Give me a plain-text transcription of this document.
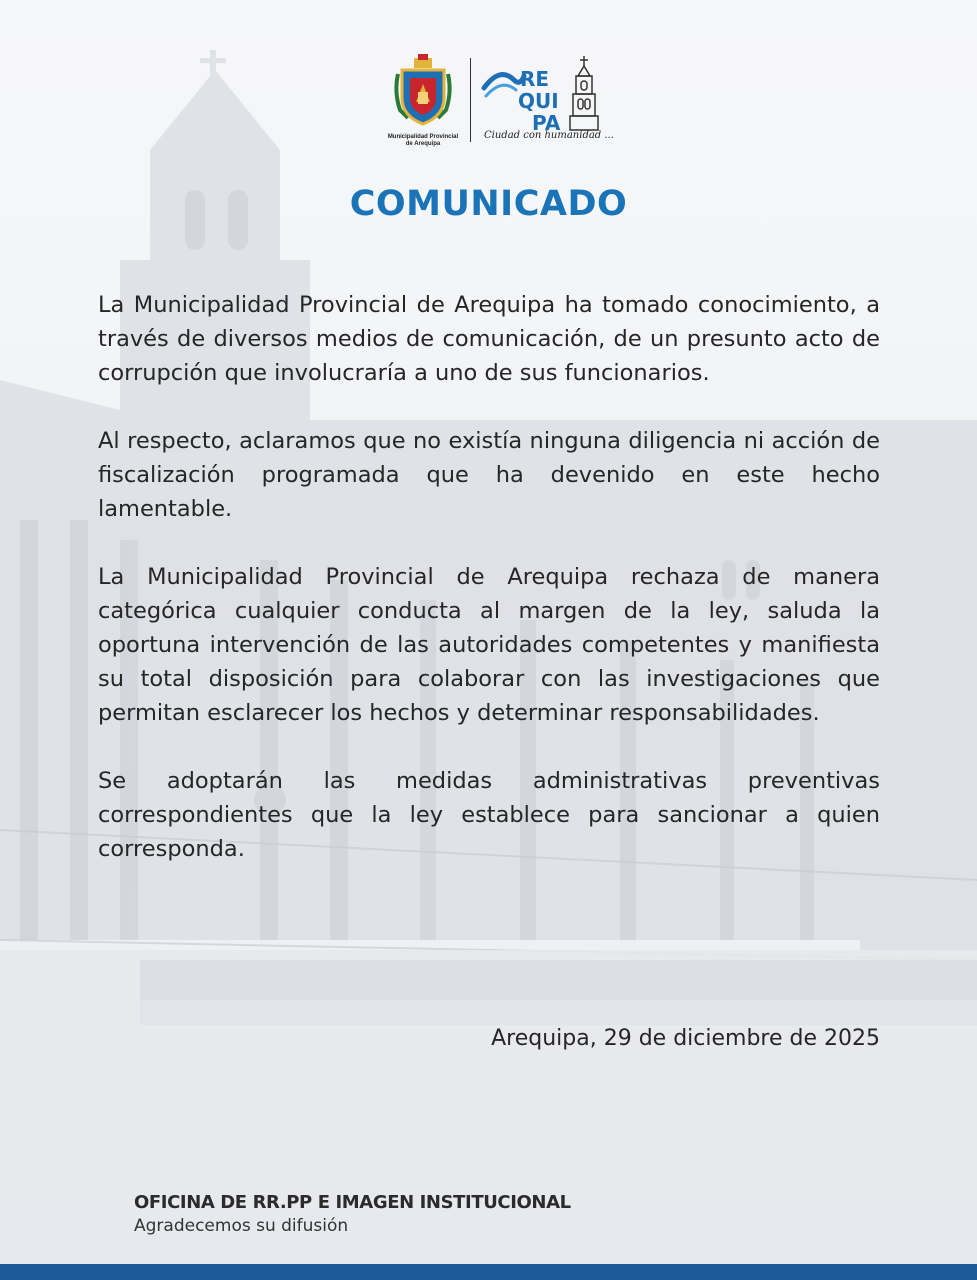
Municipalidad Provincial
de Arequipa
RE
QUI
PA
Ciudad con humanidad ...
COMUNICADO

La Municipalidad Provincial de Arequipa ha tomado conocimiento, a través de diversos medios de comunicación, de un presunto acto de corrupción que involucraría a uno de sus funcionarios.

Al respecto, aclaramos que no existía ninguna diligencia ni acción de fiscalización programada que ha devenido en este hecho lamentable.

La Municipalidad Provincial de Arequipa rechaza de manera categórica cualquier conducta al margen de la ley, saluda la oportuna intervención de las autoridades competentes y manifiesta su total disposición para colaborar con las investigaciones que permitan esclarecer los hechos y determinar responsabilidades.

Se adoptarán las medidas administrativas preventivas correspondientes que la ley establece para sancionar a quien corresponda.

Arequipa, 29 de diciembre de 2025
OFICINA DE RR.PP E IMAGEN INSTITUCIONAL
Agradecemos su difusión
